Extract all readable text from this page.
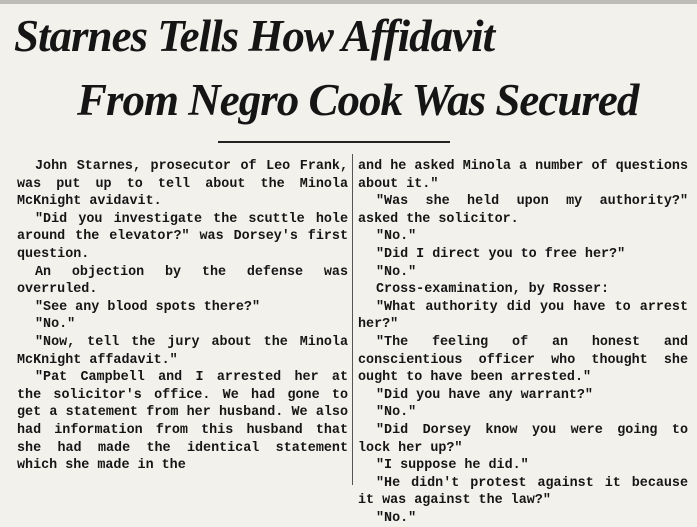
Starnes Tells How Affidavit
From Negro Cook Was Secured

John Starnes, prosecutor of Leo Frank, was put up to tell about the Minola McKnight avidavit.

"Did you investigate the scuttle hole around the elevator?" was Dorsey's first question.

An objection by the defense was overruled.

"See any blood spots there?"

"No."

"Now, tell the jury about the Minola McKnight affadavit."

"Pat Campbell and I arrested her at the solicitor's office. We had gone to get a statement from her husband. We also had information from this husband that she had made the identical statement which she made in the

and he asked Minola a number of questions about it."

"Was she held upon my authority?" asked the solicitor.

"No."

"Did I direct you to free her?"

"No."

Cross-examination, by Rosser:

"What authority did you have to arrest her?"

"The feeling of an honest and conscientious officer who thought she ought to have been arrested."

"Did you have any warrant?"

"No."

"Did Dorsey know you were going to lock her up?"

"I suppose he did."

"He didn't protest against it because it was against the law?"

"No."
